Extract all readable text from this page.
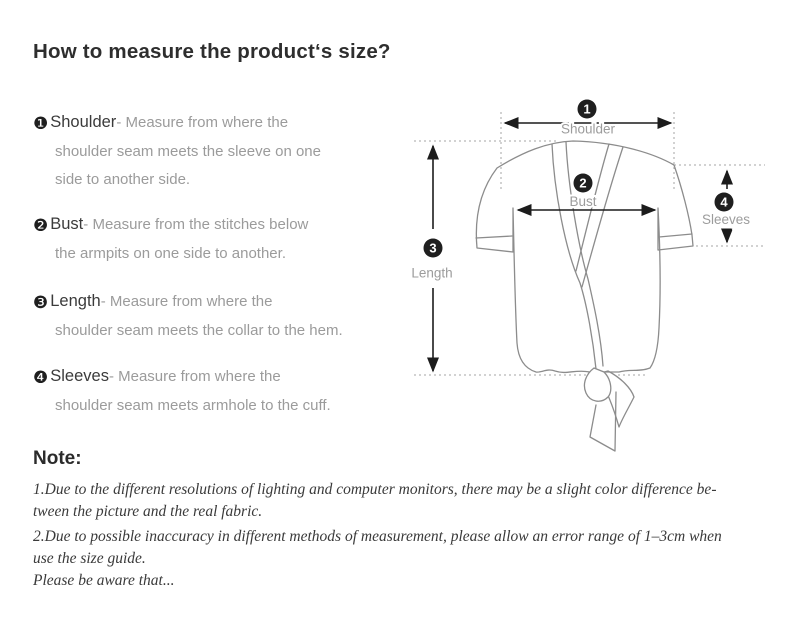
How to measure the product‘s size?
❶ Shoulder- Measure from where the
shoulder seam meets the sleeve on one
side to another side.
❷ Bust- Measure from the stitches below
the armpits on one side to another.
❸ Length- Measure from where the
shoulder seam meets the collar to the hem.
❹ Sleeves- Measure from where the
shoulder seam meets armhole to the cuff.
1
2
3
4
Shoulder
Bust
Length
Sleeves
Note:
1.Due to the different resolutions of lighting and computer monitors, there may be a slight color difference be-
tween the picture and the real fabric.
2.Due to possible inaccuracy in different methods of measurement, please allow an error range of 1–3cm when
use the size guide.
Please be aware that...
